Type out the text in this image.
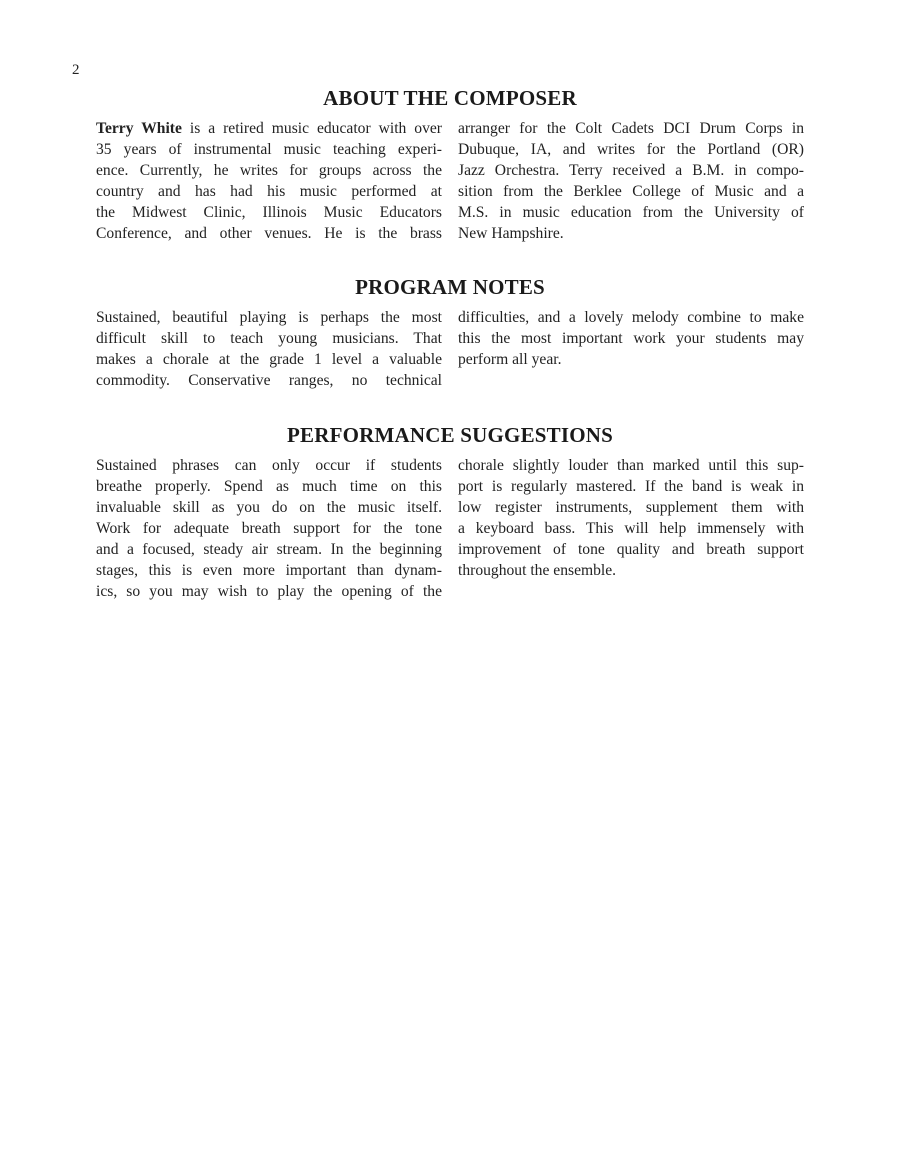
2
ABOUT THE COMPOSER
Terry White is a retired music educator with over
35 years of instrumental music teaching experi-
ence. Currently, he writes for groups across the
country and has had his music performed at
the Midwest Clinic, Illinois Music Educators
Conference, and other venues. He is the brass
arranger for the Colt Cadets DCI Drum Corps in
Dubuque, IA, and writes for the Portland (OR)
Jazz Orchestra. Terry received a B.M. in compo-
sition from the Berklee College of Music and a
M.S. in music education from the University of
New Hampshire.
PROGRAM NOTES
Sustained, beautiful playing is perhaps the most
difficult skill to teach young musicians. That
makes a chorale at the grade 1 level a valuable
commodity. Conservative ranges, no technical
difficulties, and a lovely melody combine to make
this the most important work your students may
perform all year.
PERFORMANCE SUGGESTIONS
Sustained phrases can only occur if students
breathe properly. Spend as much time on this
invaluable skill as you do on the music itself.
Work for adequate breath support for the tone
and a focused, steady air stream. In the beginning
stages, this is even more important than dynam-
ics, so you may wish to play the opening of the
chorale slightly louder than marked until this sup-
port is regularly mastered. If the band is weak in
low register instruments, supplement them with
a keyboard bass. This will help immensely with
improvement of tone quality and breath support
throughout the ensemble.
